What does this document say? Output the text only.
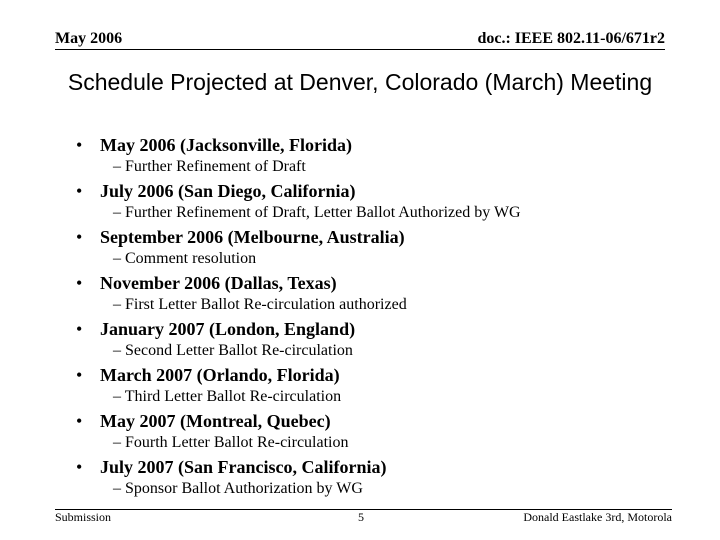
May 2006	doc.: IEEE 802.11-06/671r2
Schedule Projected at Denver, Colorado (March) Meeting
• May 2006 (Jacksonville, Florida)
– Further Refinement of Draft
• July 2006 (San Diego, California)
– Further Refinement of Draft, Letter Ballot Authorized by WG
• September 2006 (Melbourne, Australia)
– Comment resolution
• November 2006 (Dallas, Texas)
– First Letter Ballot Re-circulation authorized
• January 2007 (London, England)
– Second Letter Ballot Re-circulation
• March 2007 (Orlando, Florida)
– Third Letter Ballot Re-circulation
• May 2007 (Montreal, Quebec)
– Fourth Letter Ballot Re-circulation
• July 2007 (San Francisco, California)
– Sponsor Ballot Authorization by WG
Submission	5	Donald Eastlake 3rd, Motorola
